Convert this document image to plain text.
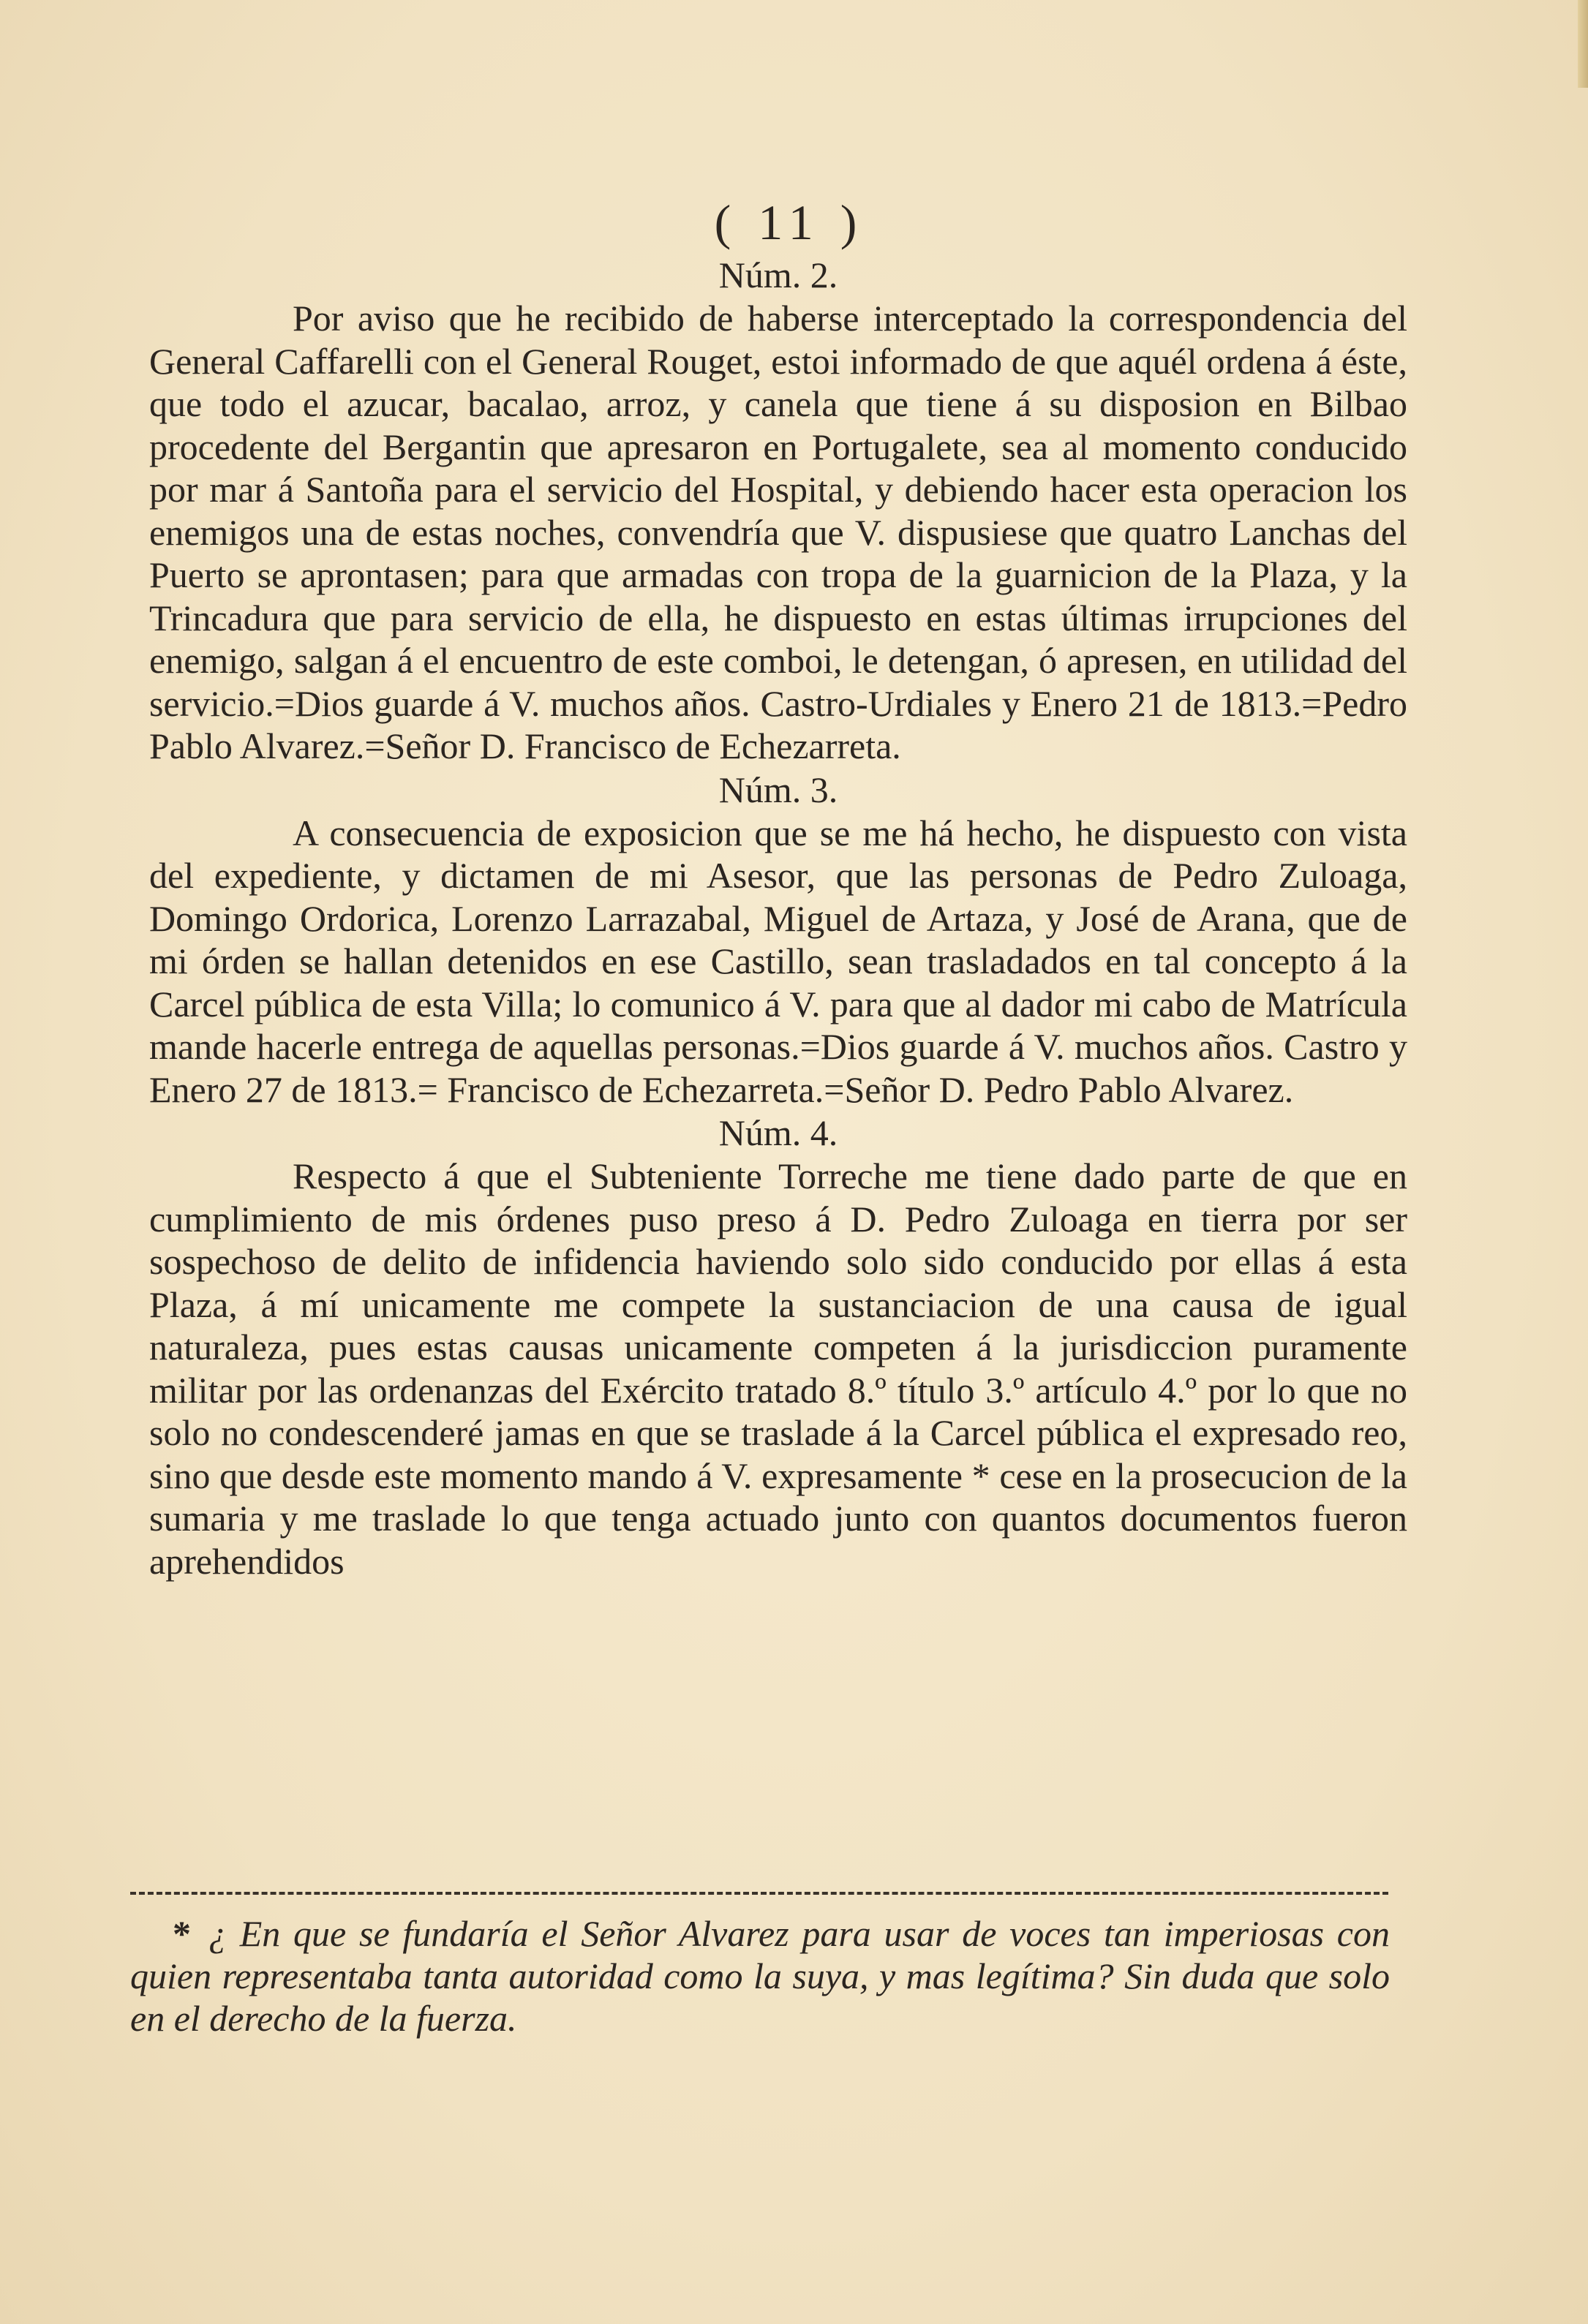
( 11 )
Núm. 2.

Por aviso que he recibido de haberse interceptado la correspondencia del General Caffarelli con el General Rouget, estoi informado de que aquél ordena á éste, que todo el azucar, bacalao, arroz, y canela que tiene á su disposion en Bilbao procedente del Bergantin que apresaron en Portugalete, sea al momento conducido por mar á Santoña para el servicio del Hospital, y debiendo hacer esta operacion los enemigos una de estas noches, convendría que V. dispusiese que quatro Lanchas del Puerto se aprontasen; para que armadas con tropa de la guarnicion de la Plaza, y la Trincadura que para servicio de ella, he dispuesto en estas últimas irrupciones del enemigo, salgan á el encuentro de este comboi, le detengan, ó apresen, en utilidad del servicio.=Dios guarde á V. muchos años. Castro-Urdiales y Enero 21 de 1813.=Pedro Pablo Alvarez.=Señor D. Francisco de Echezarreta.

Núm. 3.

A consecuencia de exposicion que se me há hecho, he dispuesto con vista del expediente, y dictamen de mi Asesor, que las personas de Pedro Zuloaga, Domingo Ordorica, Lorenzo Larrazabal, Miguel de Artaza, y José de Arana, que de mi órden se hallan detenidos en ese Castillo, sean trasladados en tal concepto á la Carcel pública de esta Villa; lo comunico á V. para que al dador mi cabo de Matrícula mande hacerle entrega de aquellas personas.=Dios guarde á V. muchos años. Castro y Enero 27 de 1813.= Francisco de Echezarreta.=Señor D. Pedro Pablo Alvarez.

Núm. 4.

Respecto á que el Subteniente Torreche me tiene dado parte de que en cumplimiento de mis órdenes puso preso á D. Pedro Zuloaga en tierra por ser sospechoso de delito de infidencia haviendo solo sido conducido por ellas á esta Plaza, á mí unicamente me compete la sustanciacion de una causa de igual naturaleza, pues estas causas unicamente competen á la jurisdiccion puramente militar por las ordenanzas del Exército tratado 8.º título 3.º artículo 4.º por lo que no solo no condescenderé jamas en que se traslade á la Carcel pública el expresado reo, sino que desde este momento mando á V. expresamente * cese en la prosecucion de la sumaria y me traslade lo que tenga actuado junto con quantos documentos fueron aprehendidos

* ¿ En que se fundaría el Señor Alvarez para usar de voces tan imperiosas con quien representaba tanta autoridad como la suya, y mas legítima? Sin duda que solo en el derecho de la fuerza.
